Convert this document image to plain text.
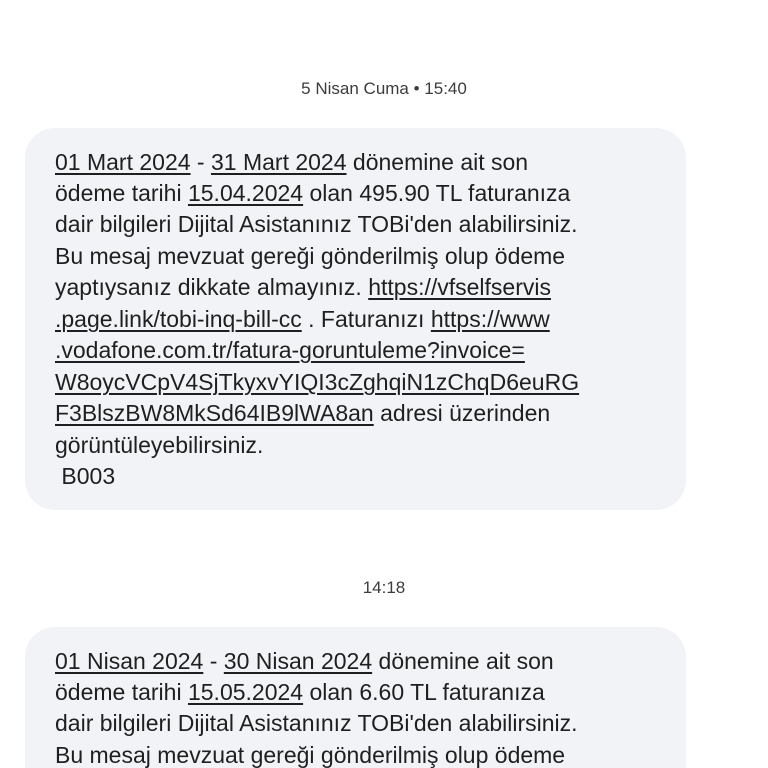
5 Nisan Cuma • 15:40
01 Mart 2024 - 31 Mart 2024 dönemine ait son
ödeme tarihi 15.04.2024 olan 495.90 TL faturanıza
dair bilgileri Dijital Asistanınız TOBi'den alabilirsiniz.
Bu mesaj mevzuat gereği gönderilmiş olup ödeme
yaptıysanız dikkate almayınız. https://vfselfservis
.page.link/tobi-inq-bill-cc . Faturanızı https://www
.vodafone.com.tr/fatura-goruntuleme?invoice=
W8oycVCpV4SjTkyxvYIQI3cZghqiN1zChqD6euRG
F3BlszBW8MkSd64IB9lWA8an adresi üzerinden
görüntüleyebilirsiniz.
B003
14:18
01 Nisan 2024 - 30 Nisan 2024 dönemine ait son
ödeme tarihi 15.05.2024 olan 6.60 TL faturanıza
dair bilgileri Dijital Asistanınız TOBi'den alabilirsiniz.
Bu mesaj mevzuat gereği gönderilmiş olup ödeme
